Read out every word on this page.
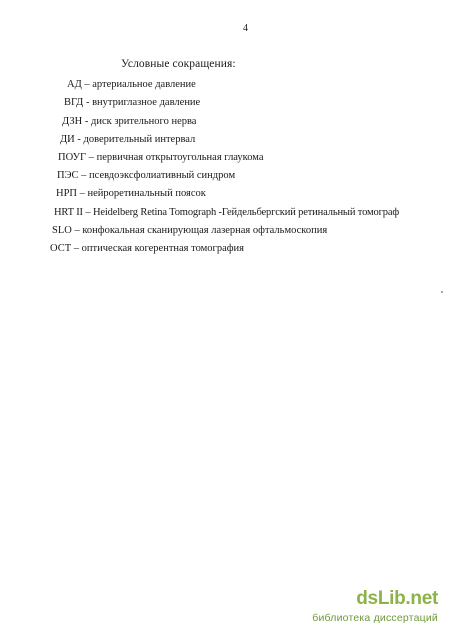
4
Условные сокращения:
АД – артериальное давление
ВГД - внутриглазное давление
ДЗН - диск зрительного нерва
ДИ - доверительный интервал
ПОУГ – первичная открытоугольная глаукома
ПЭС – псевдоэксфолиативный синдром
НРП – нейроретинальный поясок
HRT II – Heidelberg Retina Tomograph -Гейдельбергский ретинальный томограф
SLO – конфокальная сканирующая лазерная офтальмоскопия
ОСТ – оптическая когерентная томография
dsLib.net
библиотека диссертаций
